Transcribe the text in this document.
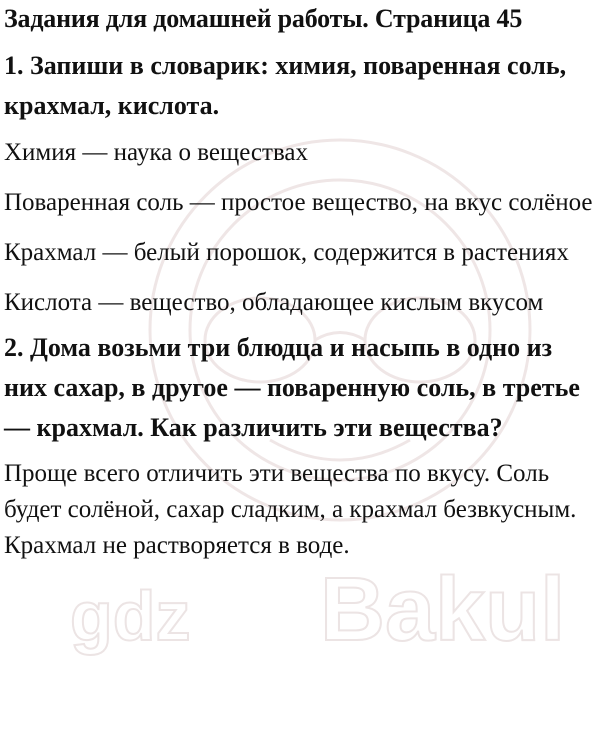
gdz Bakul
Задания для домашней работы. Страница 45

1. Запиши в словарик: химия, поваренная соль, крахмал, кислота.

Химия — наука о веществах

Поваренная соль — простое вещество, на вкус солёное

Крахмал — белый порошок, содержится в растениях

Кислота — вещество, обладающее кислым вкусом

2. Дома возьми три блюдца и насыпь в одно из них сахар, в другое — поваренную соль, в третье — крахмал. Как различить эти вещества?

Проще всего отличить эти вещества по вкусу. Соль будет солёной, сахар сладким, а крахмал безвкусным. Крахмал не растворяется в воде.
